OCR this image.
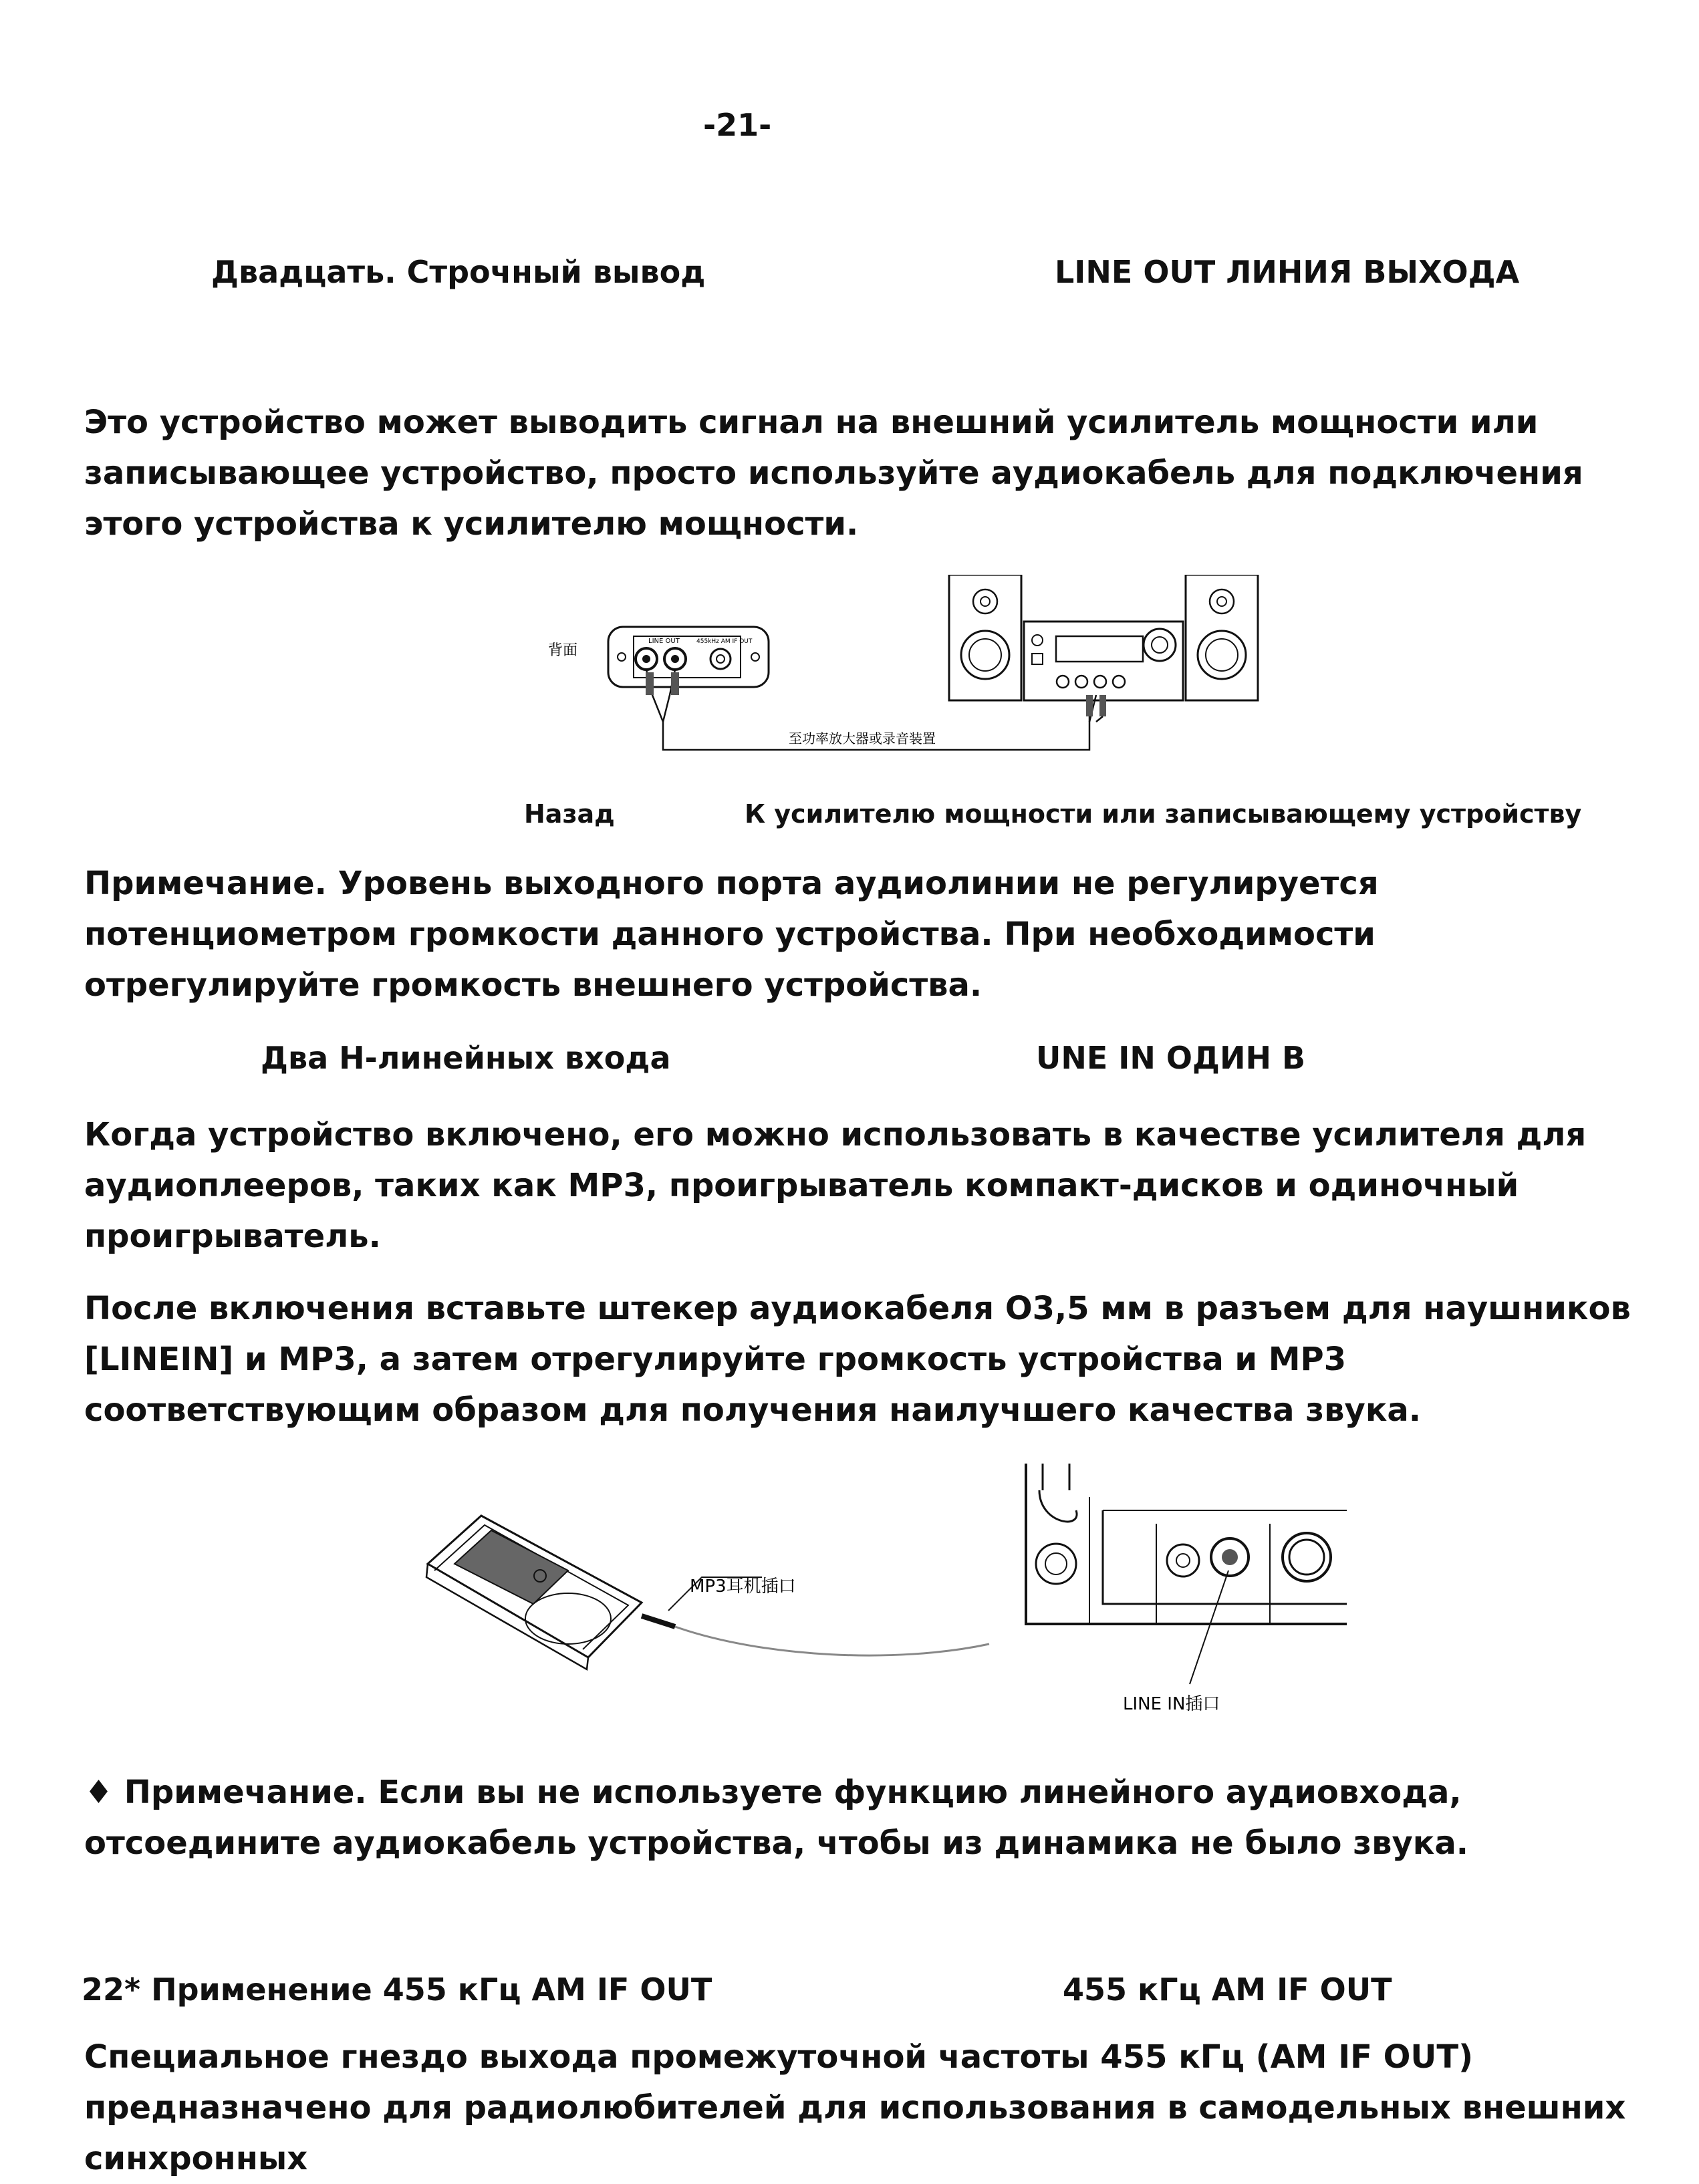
-21-
Двадцать. Строчный вывод	LINE OUT ЛИНИЯ ВЫХОДА
Это устройство может выводить сигнал на внешний усилитель мощности или записывающее устройство, просто используйте аудиокабель для подключения этого устройства к усилителю мощности.
背面
LINE OUT	455kHz AM IF OUT
至功率放大器或录音装置
Назад	К усилителю мощности или записывающему устройству
Примечание. Уровень выходного порта аудиолинии не регулируется потенциометром громкости данного устройства. При необходимости отрегулируйте громкость внешнего устройства.
Два Н-линейных входа	UNE IN ОДИН В
Когда устройство включено, его можно использовать в качестве усилителя для аудиоплееров, таких как MP3, проигрыватель компакт-дисков и одиночный проигрыватель.
После включения вставьте штекер аудиокабеля О3,5 мм в разъем для наушников [LINEIN] и MP3, а затем отрегулируйте громкость устройства и MP3 соответствующим образом для получения наилучшего качества звука.
MP3耳机插口
LINE IN插口
♦ Примечание. Если вы не используете функцию линейного аудиовхода, отсоедините аудиокабель устройства, чтобы из динамика не было звука.
22* Применение 455 кГц AM IF OUT	455 кГц AM IF OUT
Специальное гнездо выхода промежуточной частоты 455 кГц (AM IF OUT) предназначено для радиолюбителей для использования в самодельных внешних синхронных
